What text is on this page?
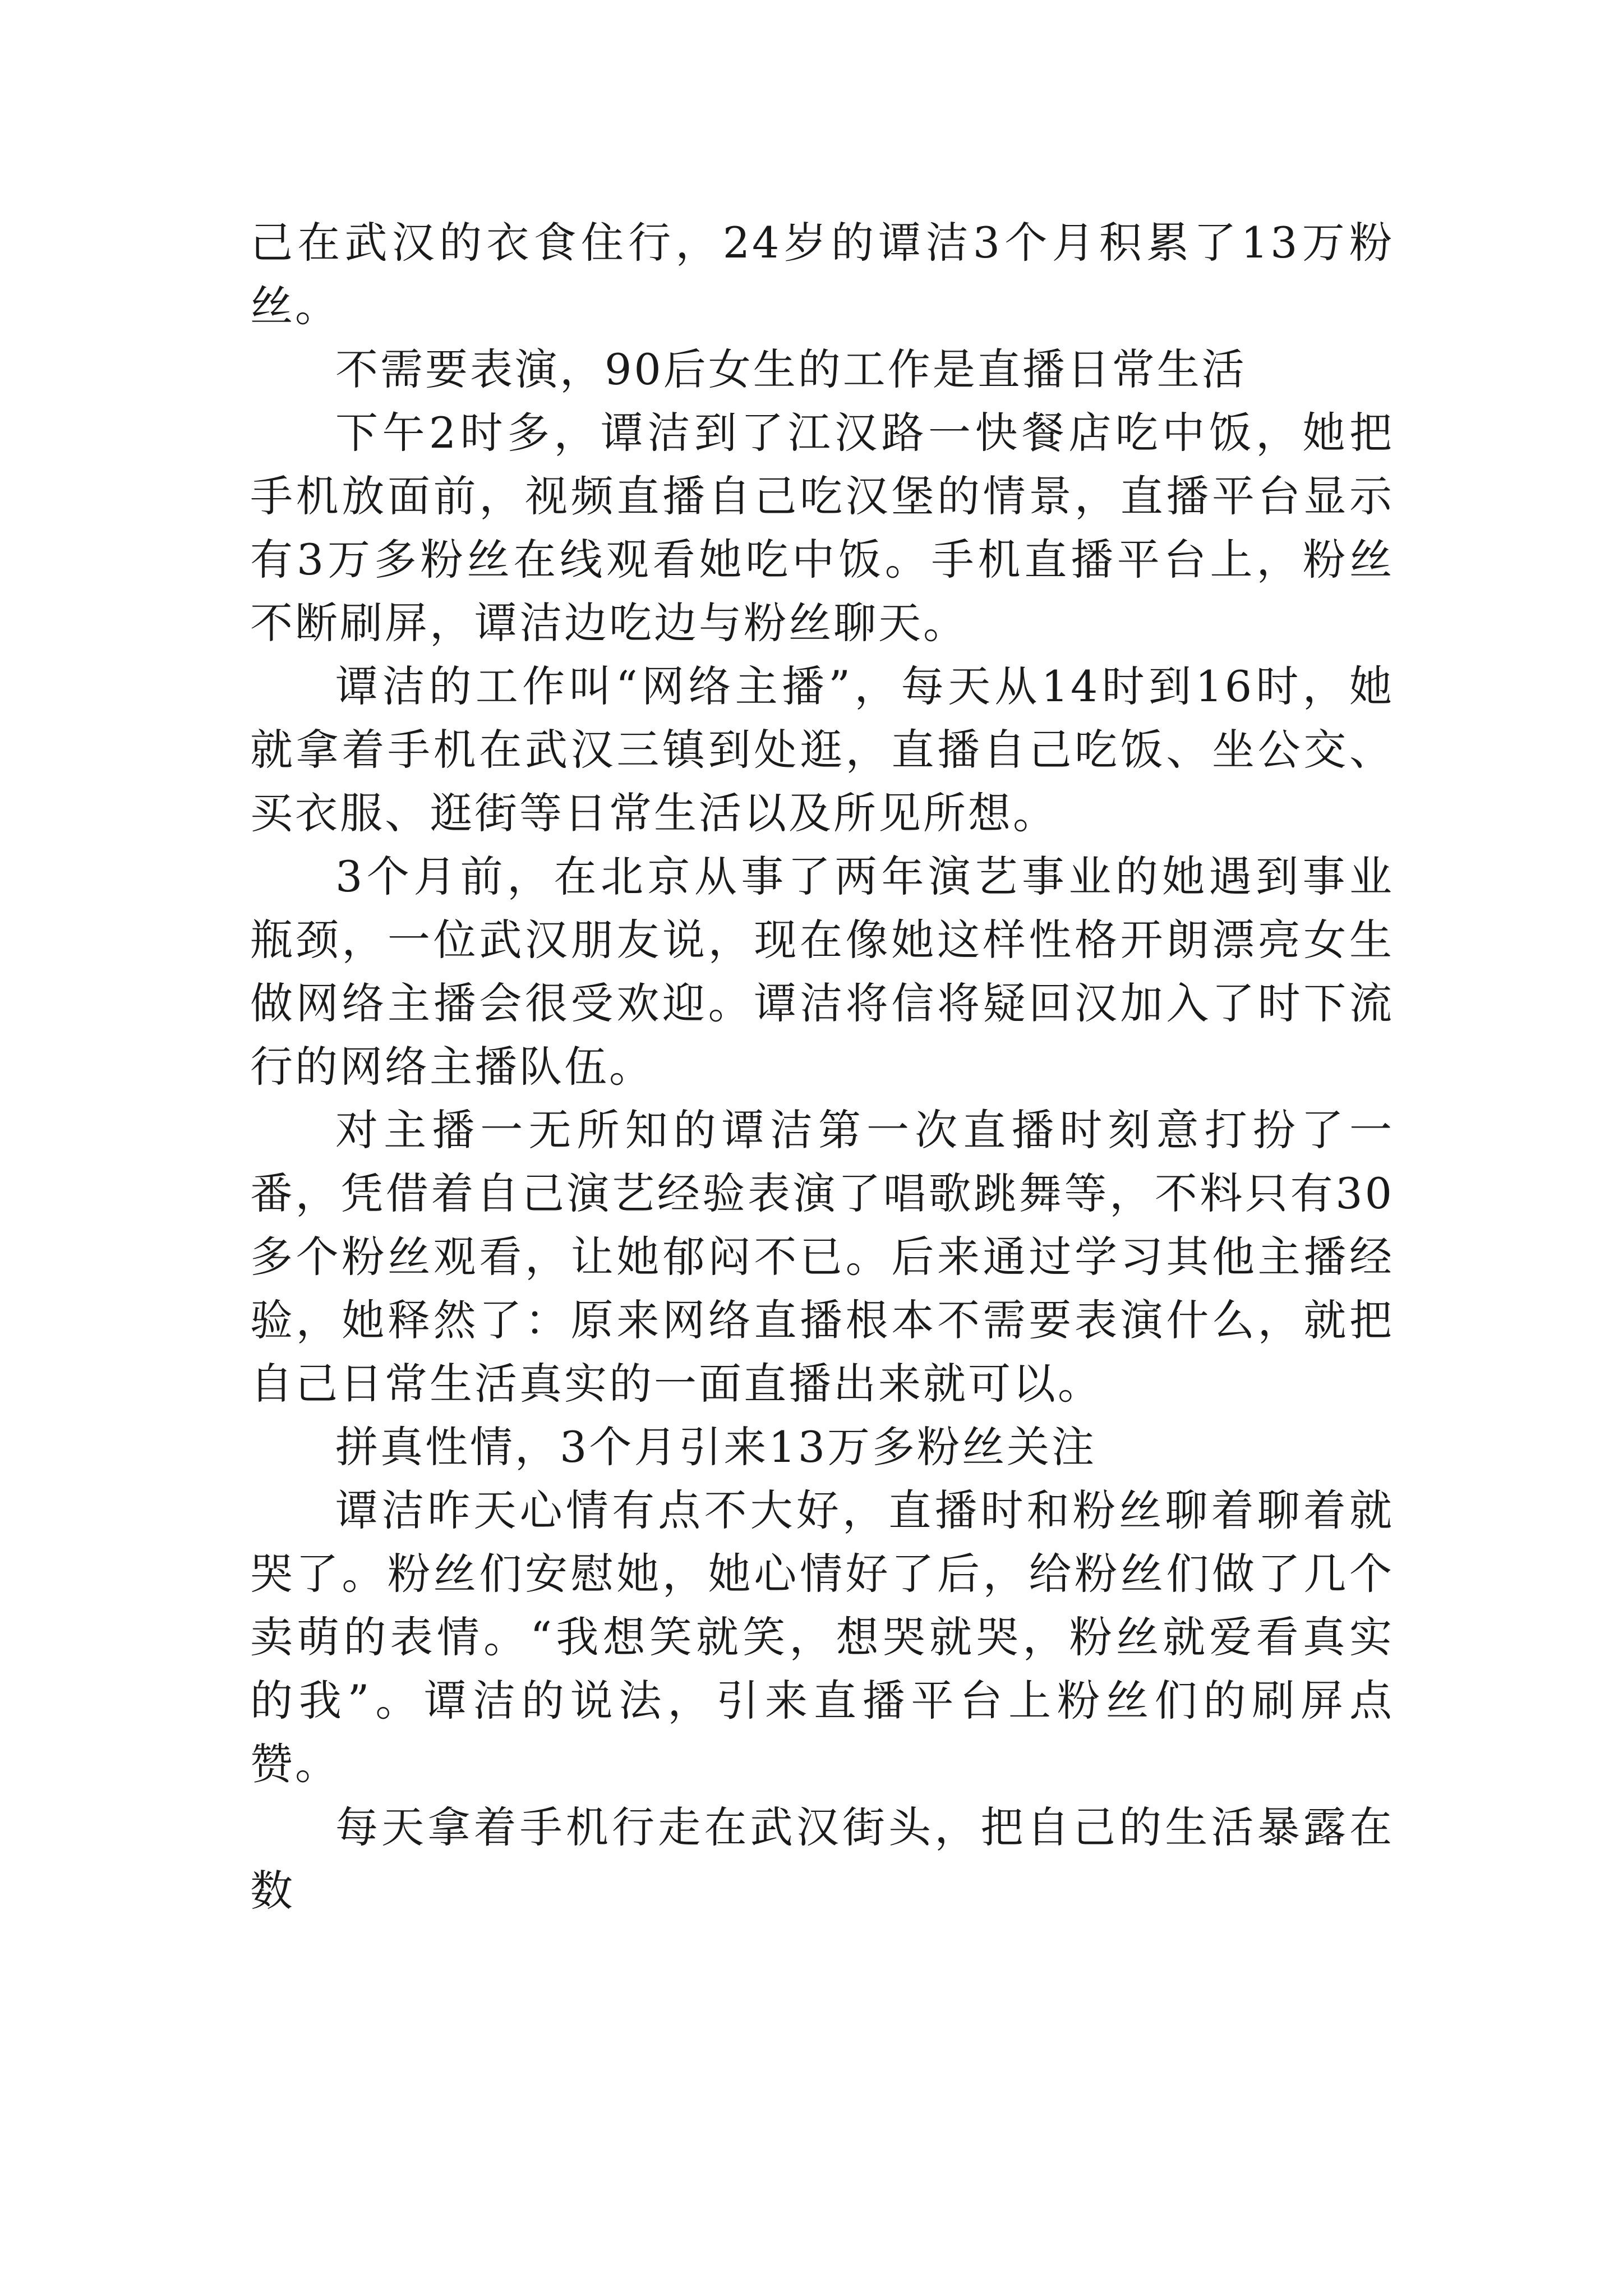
己在武汉的衣食住行，24岁的谭洁3个月积累了13万粉丝。

不需要表演，90后女生的工作是直播日常生活

下午2时多，谭洁到了江汉路一快餐店吃中饭，她把手机放面前，视频直播自己吃汉堡的情景，直播平台显示有3万多粉丝在线观看她吃中饭。手机直播平台上，粉丝不断刷屏，谭洁边吃边与粉丝聊天。

谭洁的工作叫“网络主播”，每天从14时到16时，她就拿着手机在武汉三镇到处逛，直播自己吃饭、坐公交、买衣服、逛街等日常生活以及所见所想。

3个月前，在北京从事了两年演艺事业的她遇到事业瓶颈，一位武汉朋友说，现在像她这样性格开朗漂亮女生做网络主播会很受欢迎。谭洁将信将疑回汉加入了时下流行的网络主播队伍。

对主播一无所知的谭洁第一次直播时刻意打扮了一番，凭借着自己演艺经验表演了唱歌跳舞等，不料只有30多个粉丝观看，让她郁闷不已。后来通过学习其他主播经验，她释然了：原来网络直播根本不需要表演什么，就把自己日常生活真实的一面直播出来就可以。

拼真性情，3个月引来13万多粉丝关注

谭洁昨天心情有点不大好，直播时和粉丝聊着聊着就哭了。粉丝们安慰她，她心情好了后，给粉丝们做了几个卖萌的表情。“我想笑就笑，想哭就哭，粉丝就爱看真实的我”。谭洁的说法，引来直播平台上粉丝们的刷屏点赞。

每天拿着手机行走在武汉街头，把自己的生活暴露在数
